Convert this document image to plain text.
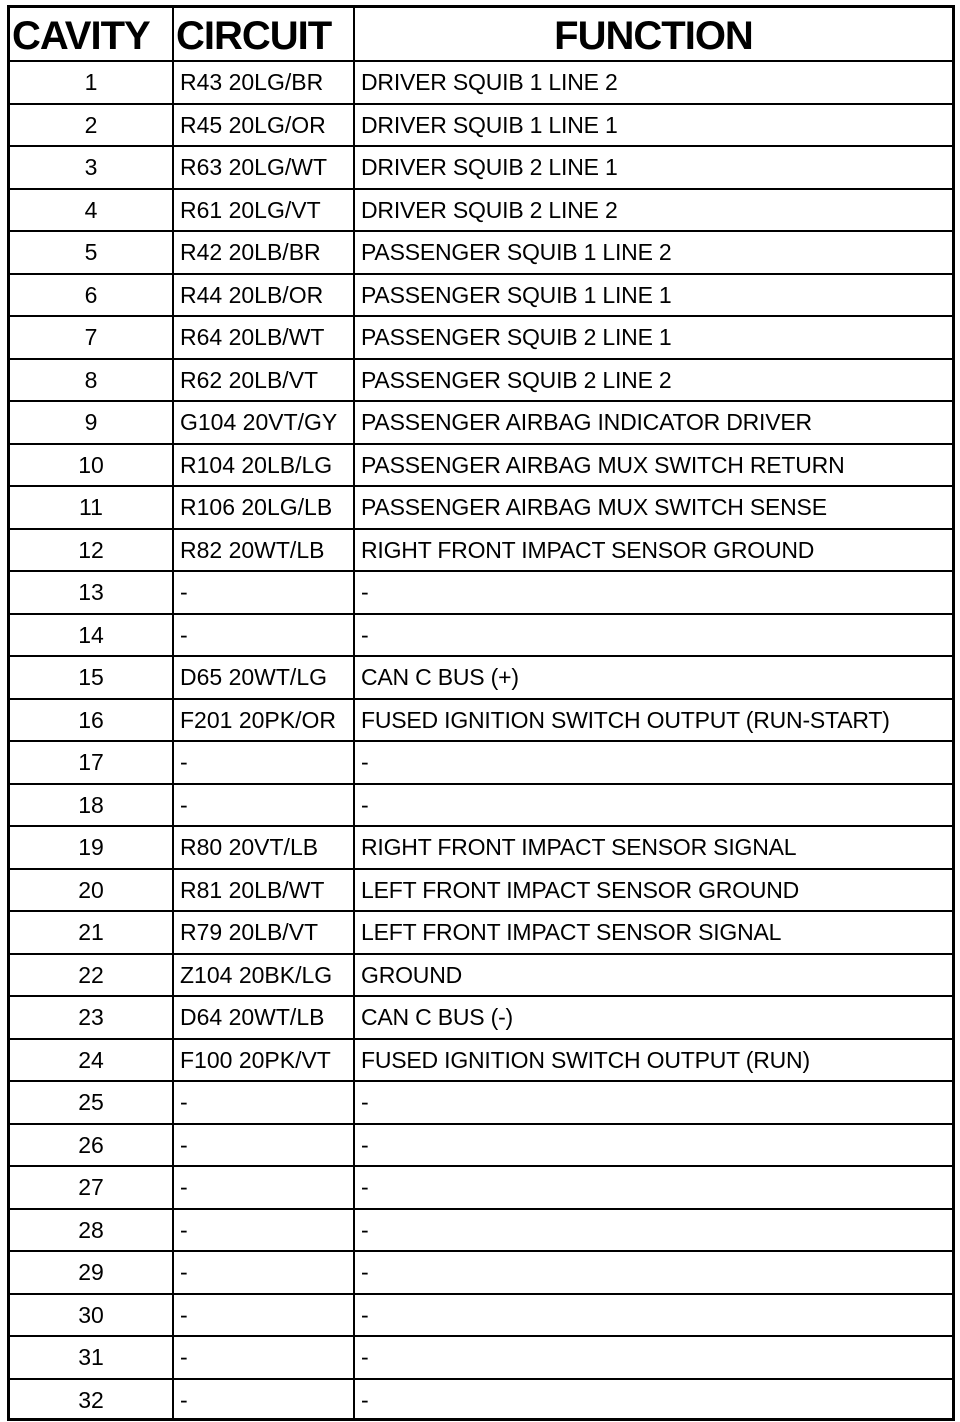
CAVITY	CIRCUIT	FUNCTION
1	R43 20LG/BR	DRIVER SQUIB 1 LINE 2
2	R45 20LG/OR	DRIVER SQUIB 1 LINE 1
3	R63 20LG/WT	DRIVER SQUIB 2 LINE 1
4	R61 20LG/VT	DRIVER SQUIB 2 LINE 2
5	R42 20LB/BR	PASSENGER SQUIB 1 LINE 2
6	R44 20LB/OR	PASSENGER SQUIB 1 LINE 1
7	R64 20LB/WT	PASSENGER SQUIB 2 LINE 1
8	R62 20LB/VT	PASSENGER SQUIB 2 LINE 2
9	G104 20VT/GY	PASSENGER AIRBAG INDICATOR DRIVER
10	R104 20LB/LG	PASSENGER AIRBAG MUX SWITCH RETURN
11	R106 20LG/LB	PASSENGER AIRBAG MUX SWITCH SENSE
12	R82 20WT/LB	RIGHT FRONT IMPACT SENSOR GROUND
13	-	-
14	-	-
15	D65 20WT/LG	CAN C BUS (+)
16	F201 20PK/OR	FUSED IGNITION SWITCH OUTPUT (RUN-START)
17	-	-
18	-	-
19	R80 20VT/LB	RIGHT FRONT IMPACT SENSOR SIGNAL
20	R81 20LB/WT	LEFT FRONT IMPACT SENSOR GROUND
21	R79 20LB/VT	LEFT FRONT IMPACT SENSOR SIGNAL
22	Z104 20BK/LG	GROUND
23	D64 20WT/LB	CAN C BUS (-)
24	F100 20PK/VT	FUSED IGNITION SWITCH OUTPUT (RUN)
25	-	-
26	-	-
27	-	-
28	-	-
29	-	-
30	-	-
31	-	-
32	-	-
